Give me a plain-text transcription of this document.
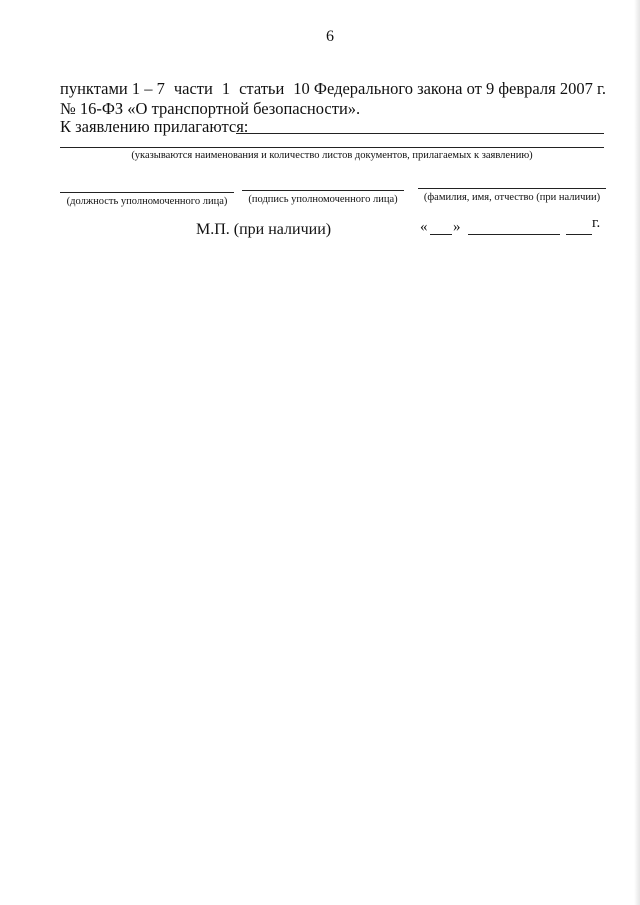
6
пунктами 1 – 7 части 1 статьи 10 Федерального закона от 9 февраля 2007 г.
№ 16-ФЗ «О транспортной безопасности».
К заявлению прилагаются:
(указываются наименования и количество листов документов, прилагаемых к заявлению)
(должность уполномоченного лица)	(подпись уполномоченного лица)	(фамилия, имя, отчество (при наличии)
М.П. (при наличии)	« »	г.
